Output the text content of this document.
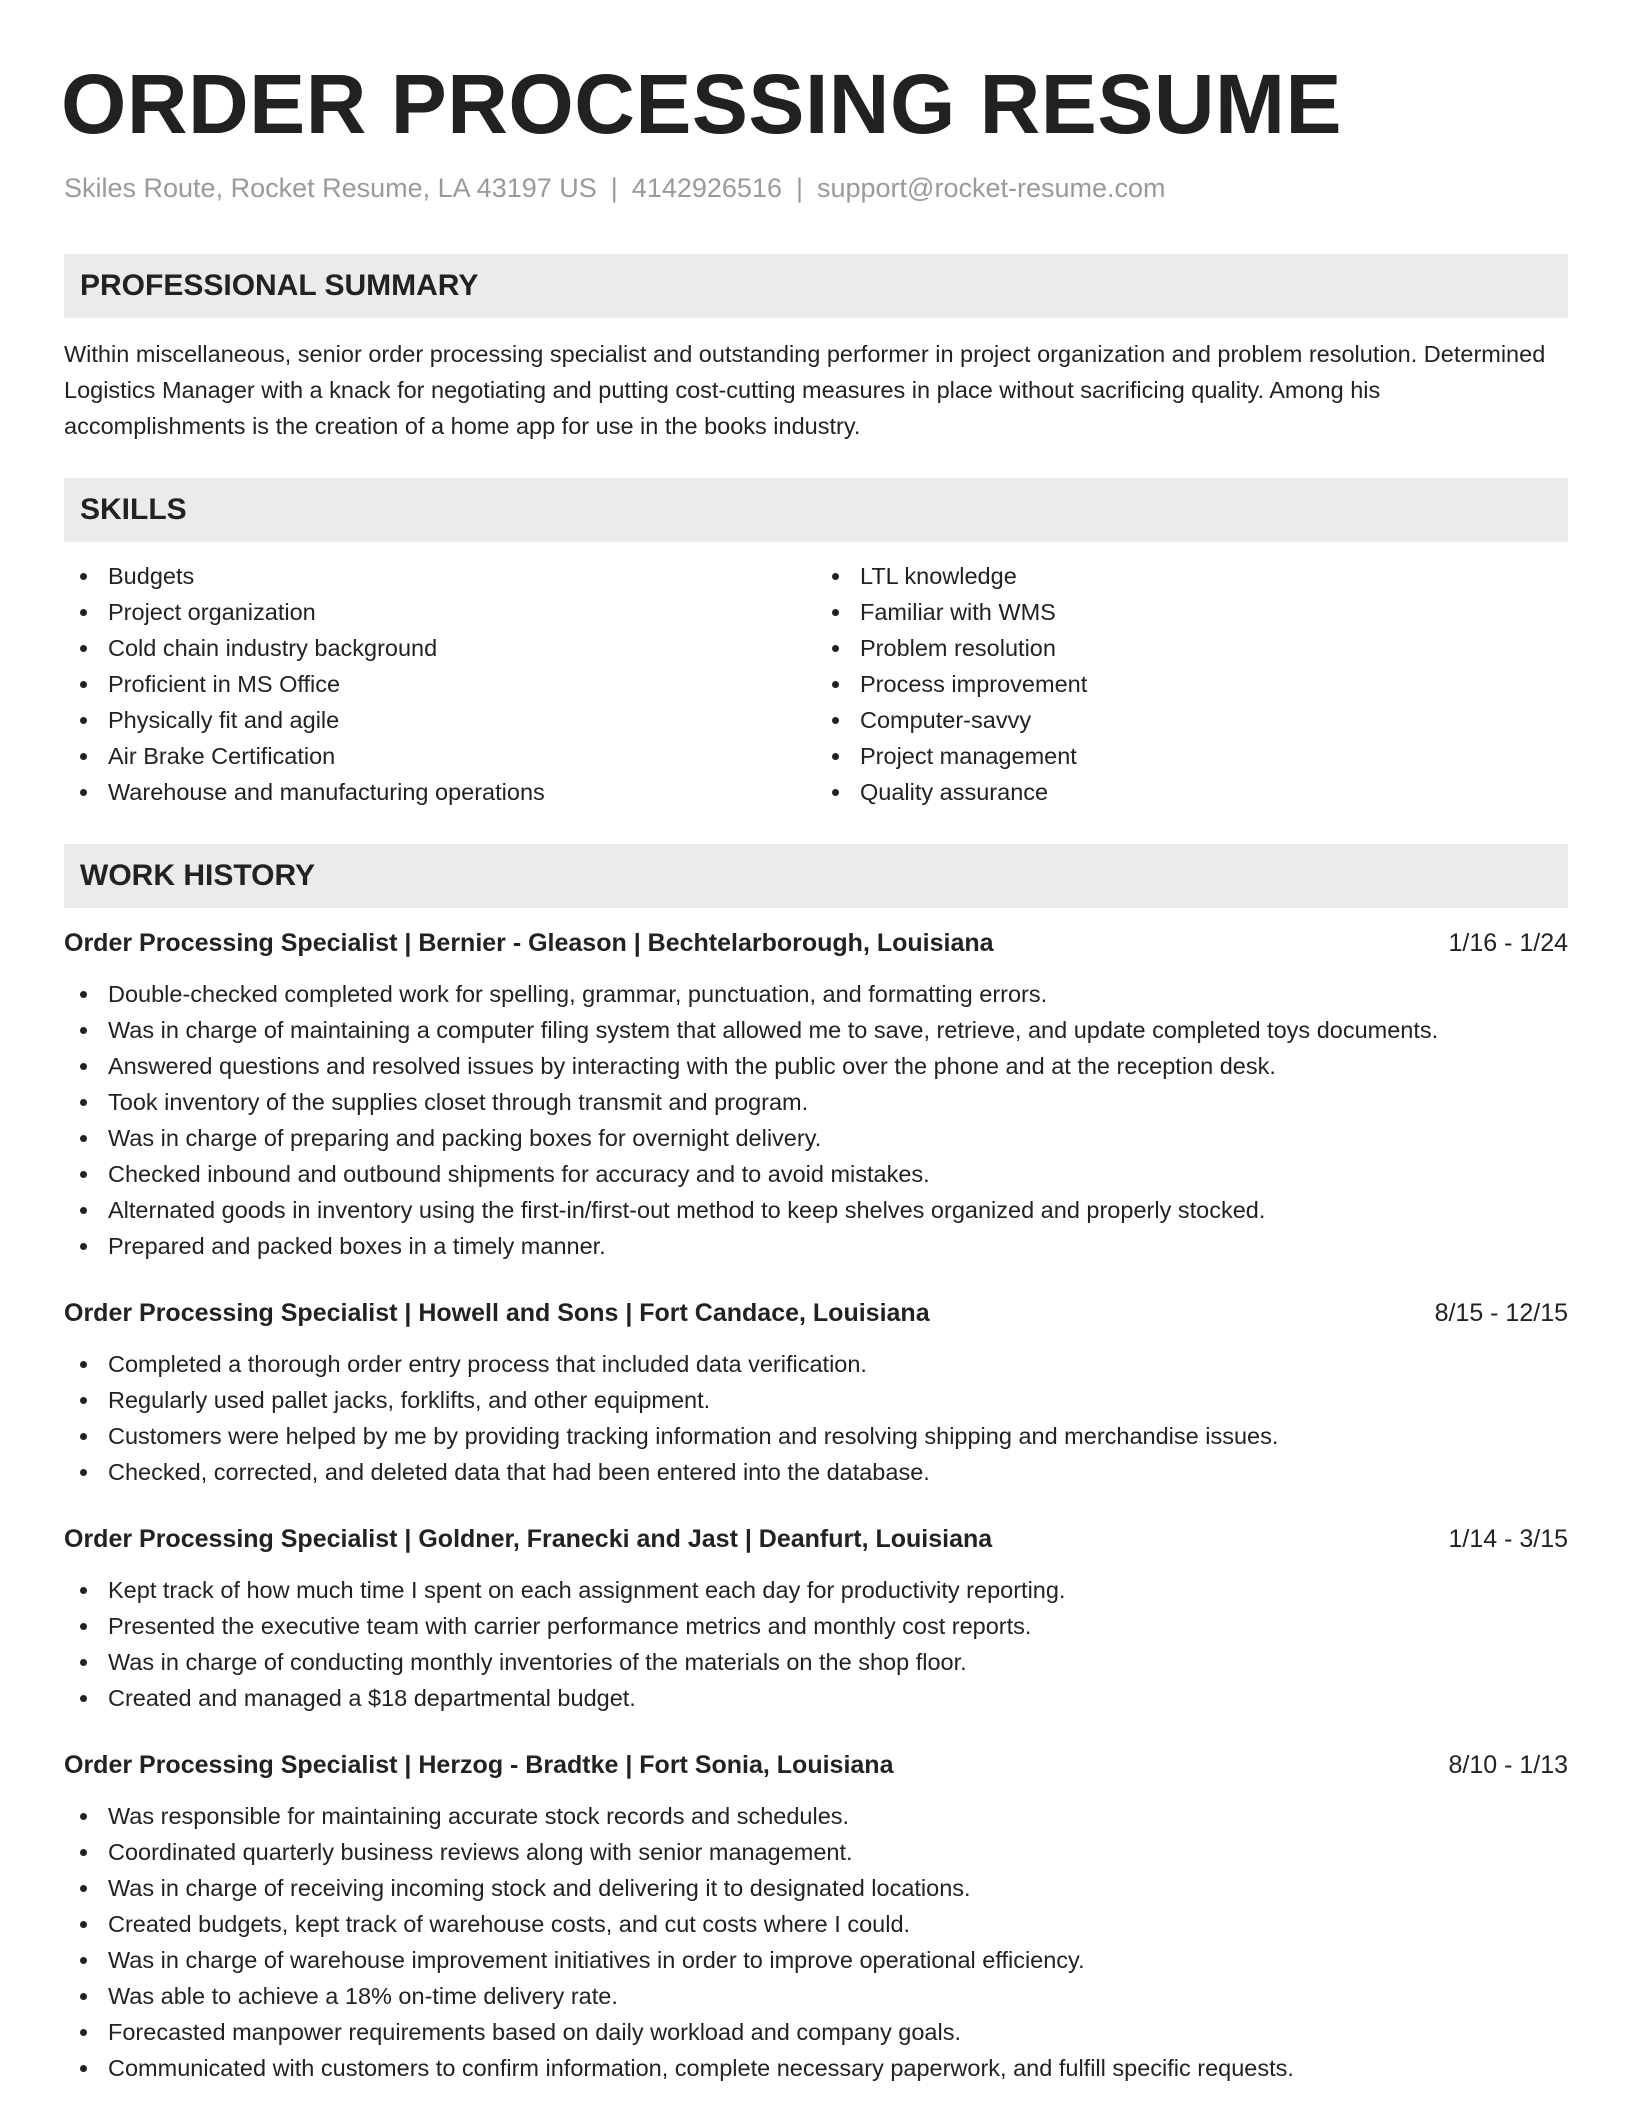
ORDER PROCESSING RESUME
Skiles Route, Rocket Resume, LA 43197 US | 4142926516 | support@rocket-resume.com
PROFESSIONAL SUMMARY
Within miscellaneous, senior order processing specialist and outstanding performer in project organization and problem resolution. Determined Logistics Manager with a knack for negotiating and putting cost-cutting measures in place without sacrificing quality. Among his accomplishments is the creation of a home app for use in the books industry.
SKILLS
Budgets
Project organization
Cold chain industry background
Proficient in MS Office
Physically fit and agile
Air Brake Certification
Warehouse and manufacturing operations
LTL knowledge
Familiar with WMS
Problem resolution
Process improvement
Computer-savvy
Project management
Quality assurance
WORK HISTORY
Order Processing Specialist | Bernier - Gleason | Bechtelarborough, Louisiana	1/16 - 1/24
Double-checked completed work for spelling, grammar, punctuation, and formatting errors.
Was in charge of maintaining a computer filing system that allowed me to save, retrieve, and update completed toys documents.
Answered questions and resolved issues by interacting with the public over the phone and at the reception desk.
Took inventory of the supplies closet through transmit and program.
Was in charge of preparing and packing boxes for overnight delivery.
Checked inbound and outbound shipments for accuracy and to avoid mistakes.
Alternated goods in inventory using the first-in/first-out method to keep shelves organized and properly stocked.
Prepared and packed boxes in a timely manner.
Order Processing Specialist | Howell and Sons | Fort Candace, Louisiana	8/15 - 12/15
Completed a thorough order entry process that included data verification.
Regularly used pallet jacks, forklifts, and other equipment.
Customers were helped by me by providing tracking information and resolving shipping and merchandise issues.
Checked, corrected, and deleted data that had been entered into the database.
Order Processing Specialist | Goldner, Franecki and Jast | Deanfurt, Louisiana	1/14 - 3/15
Kept track of how much time I spent on each assignment each day for productivity reporting.
Presented the executive team with carrier performance metrics and monthly cost reports.
Was in charge of conducting monthly inventories of the materials on the shop floor.
Created and managed a $18 departmental budget.
Order Processing Specialist | Herzog - Bradtke | Fort Sonia, Louisiana	8/10 - 1/13
Was responsible for maintaining accurate stock records and schedules.
Coordinated quarterly business reviews along with senior management.
Was in charge of receiving incoming stock and delivering it to designated locations.
Created budgets, kept track of warehouse costs, and cut costs where I could.
Was in charge of warehouse improvement initiatives in order to improve operational efficiency.
Was able to achieve a 18% on-time delivery rate.
Forecasted manpower requirements based on daily workload and company goals.
Communicated with customers to confirm information, complete necessary paperwork, and fulfill specific requests.
